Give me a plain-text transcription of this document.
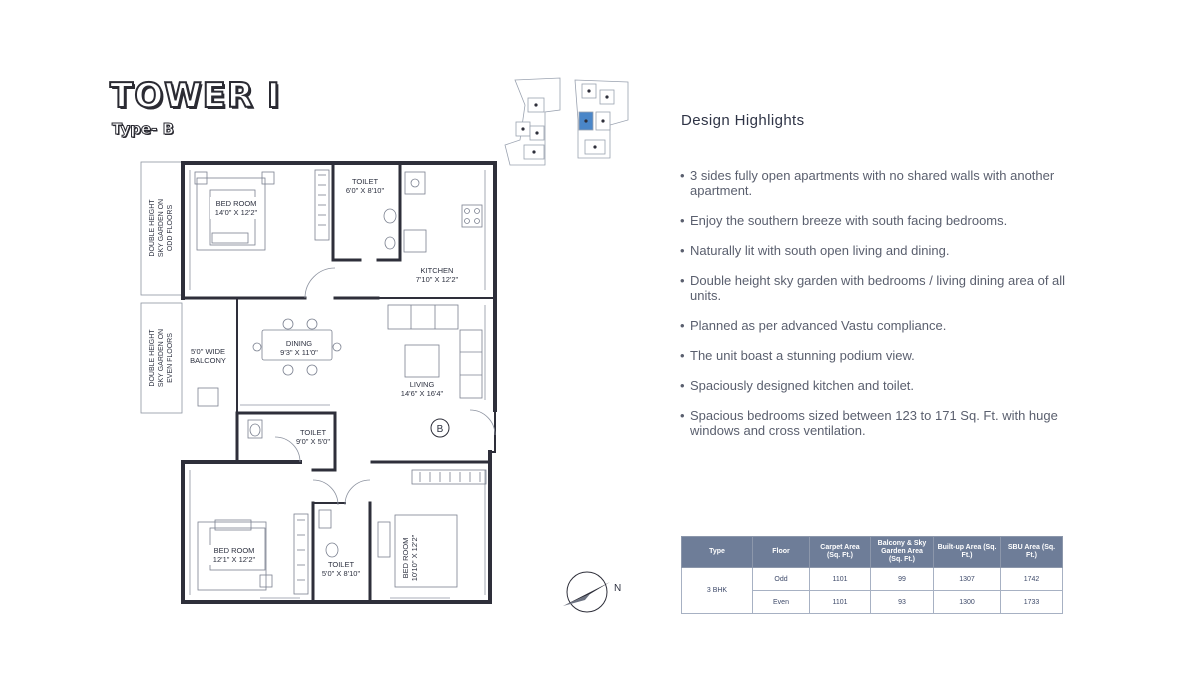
TOWER I
Type- B
DOUBLE HEIGHT SKY GARDEN ON ODD FLOORS
DOUBLE HEIGHT SKY GARDEN ON EVEN FLOORS
BED ROOM
14'0" X 12'2"
TOILET
6'0" X 8'10"
KITCHEN
7'10" X 12'2"
DINING
9'3" X 11'0"
LIVING
14'6" X 16'4"
5'0" WIDE
BALCONY
TOILET
9'0" X 5'0"
BED ROOM
12'1" X 12'2"
TOILET
5'0" X 8'10"	BED ROOM 10'10" X 12'2"
B
N
Design Highlights
• 3 sides fully open apartments with no shared walls with another apartment.
• Enjoy the southern breeze with south facing bedrooms.
• Naturally lit with south open living and dining.
• Double height sky garden with bedrooms / living dining area of all units.
• Planned as per advanced Vastu compliance.
• The unit boast a stunning podium view.
• Spaciously designed kitchen and toilet.
• Spacious bedrooms sized between 123 to 171 Sq. Ft. with huge windows and cross ventilation.
Type	Floor	Carpet Area (Sq. Ft.)	Balcony & Sky Garden Area (Sq. Ft.)	Built-up Area (Sq. Ft.)	SBU Area (Sq. Ft.)
3 BHK	Odd	1101	99	1307	1742
	Even	1101	93	1300	1733
